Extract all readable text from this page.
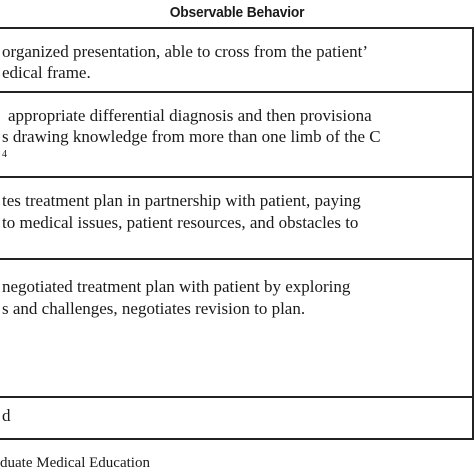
Observable Behavior
organized presentation, able to cross from the patient’
edical frame.
appropriate differential diagnosis and then provisiona
s drawing knowledge from more than one limb of the C
4
tes treatment plan in partnership with patient, paying
to medical issues, patient resources, and obstacles to
negotiated treatment plan with patient by exploring
s and challenges, negotiates revision to plan.
d
duate Medical Education
